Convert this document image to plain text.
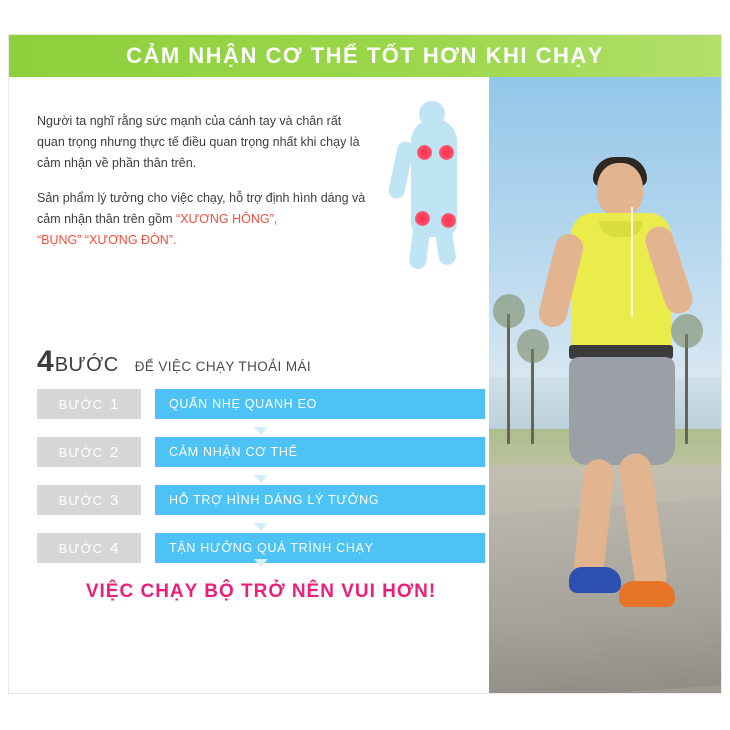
CẢM NHẬN CƠ THỂ TỐT HƠN KHI CHẠY

Người ta nghĩ rằng sức mạnh của cánh tay và chân rất quan trọng nhưng thực tế điều quan trọng nhất khi chạy là cảm nhận về phần thân trên.

Sản phẩm lý tưởng cho việc chạy, hỗ trợ định hình dáng và cảm nhận thân trên gồm “XƯƠNG HÔNG”,
“BỤNG” “XƯƠNG ĐÒN”.

4 BƯỚC ĐỂ VIỆC CHẠY THOẢI MÁI
BƯỚC 1	QUẤN NHẸ QUANH EO
BƯỚC 2	CẢM NHẬN CƠ THỂ
BƯỚC 3	HỖ TRỢ HÌNH DÁNG LÝ TƯỞNG
BƯỚC 4	TẬN HƯỞNG QUÁ TRÌNH CHẠY
VIỆC CHẠY BỘ TRỞ NÊN VUI HƠN!
